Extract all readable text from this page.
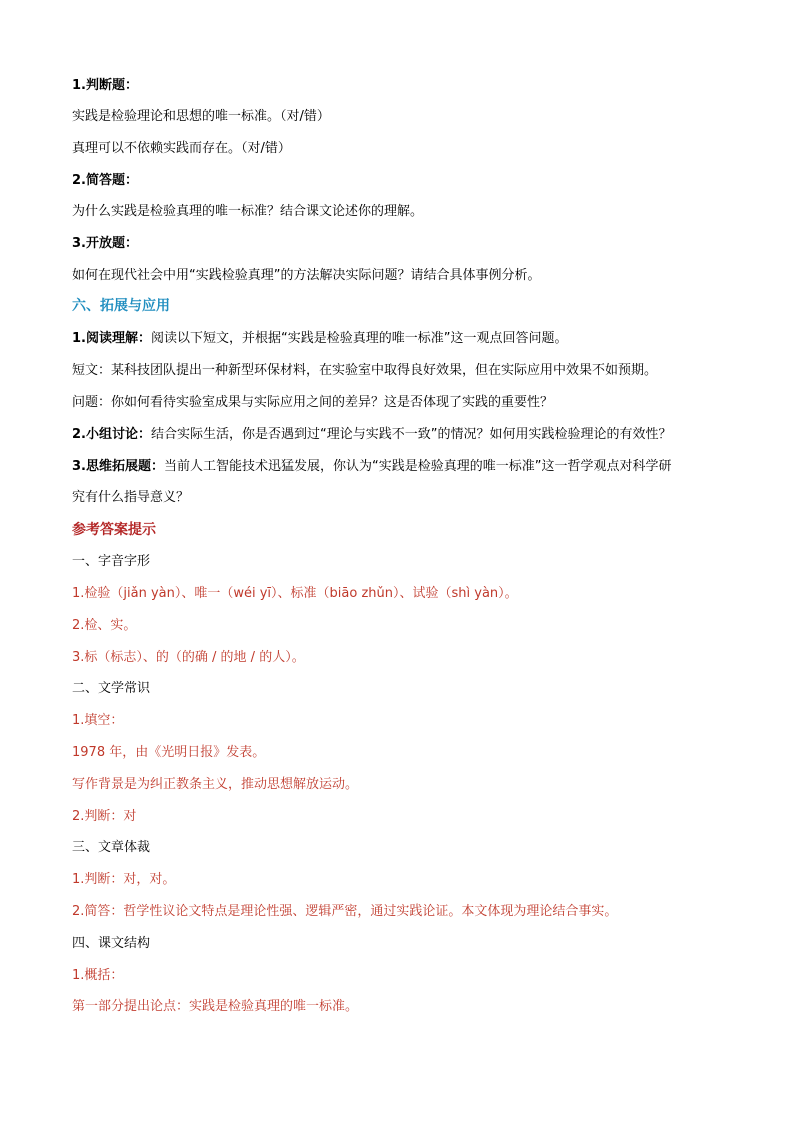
1.判断题：

实践是检验理论和思想的唯一标准。（对/错）

真理可以不依赖实践而存在。（对/错）

2.简答题：

为什么实践是检验真理的唯一标准？结合课文论述你的理解。

3.开放题：

如何在现代社会中用“实践检验真理”的方法解决实际问题？请结合具体事例分析。

六、拓展与应用

1.阅读理解：阅读以下短文，并根据“实践是检验真理的唯一标准”这一观点回答问题。

短文：某科技团队提出一种新型环保材料，在实验室中取得良好效果，但在实际应用中效果不如预期。

问题：你如何看待实验室成果与实际应用之间的差异？这是否体现了实践的重要性？

2.小组讨论：结合实际生活，你是否遇到过“理论与实践不一致”的情况？如何用实践检验理论的有效性？

3.思维拓展题：当前人工智能技术迅猛发展，你认为“实践是检验真理的唯一标准”这一哲学观点对科学研

究有什么指导意义？

参考答案提示

一、字音字形

1.检验（jiǎn yàn）、唯一（wéi yī）、标准（biāo zhǔn）、试验（shì yàn）。

2.检、实。

3.标（标志）、的（的确 / 的地 / 的人）。

二、文学常识

1.填空：

1978 年，由《光明日报》发表。

写作背景是为纠正教条主义，推动思想解放运动。

2.判断：对

三、文章体裁

1.判断：对，对。

2.简答：哲学性议论文特点是理论性强、逻辑严密，通过实践论证。本文体现为理论结合事实。

四、课文结构

1.概括：

第一部分提出论点：实践是检验真理的唯一标准。
